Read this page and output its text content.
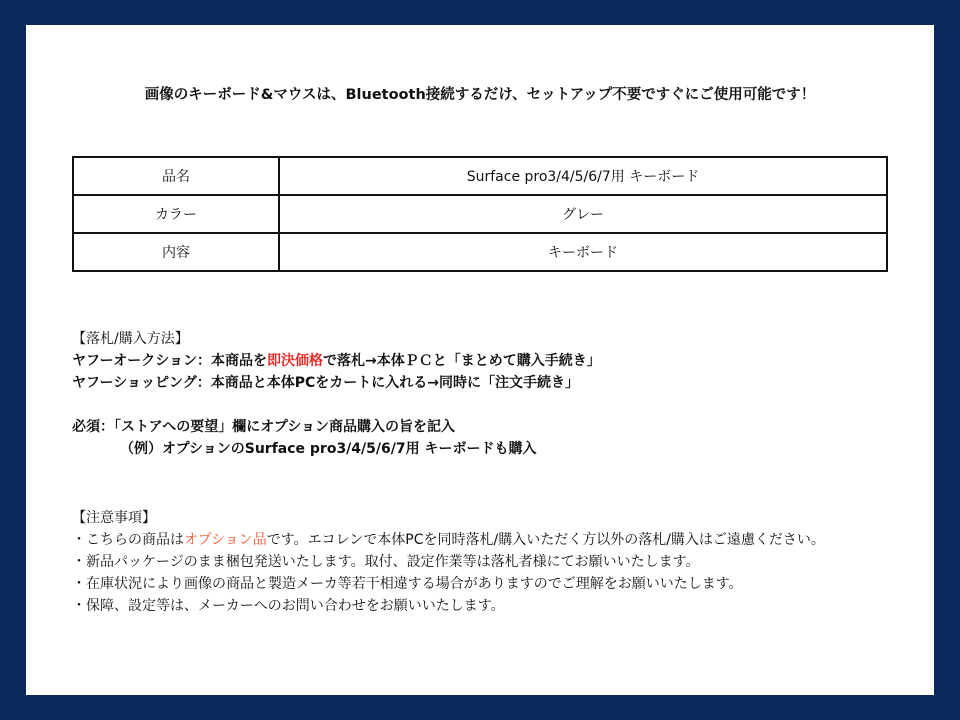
画像のキーボード&マウスは、Bluetooth接続するだけ、セットアップ不要ですぐにご使用可能です！
品名	Surface pro3/4/5/6/7用 キーボード
カラー	グレー
内容	キーボード
【落札/購入方法】
ヤフーオークション：本商品を即決価格で落札→本体ＰＣと「まとめて購入手続き」
ヤフーショッピング：本商品と本体PCをカートに入れる→同時に「注文手続き」
必須：「ストアへの要望」欄にオプション商品購入の旨を記入
（例）オプションのSurface pro3/4/5/6/7用 キーボードも購入
【注意事項】
・こちらの商品はオプション品です。エコレンで本体PCを同時落札/購入いただく方以外の落札/購入はご遠慮ください。
・新品パッケージのまま梱包発送いたします。取付、設定作業等は落札者様にてお願いいたします。
・在庫状況により画像の商品と製造メーカ等若干相違する場合がありますのでご理解をお願いいたします。
・保障、設定等は、メーカーへのお問い合わせをお願いいたします。
